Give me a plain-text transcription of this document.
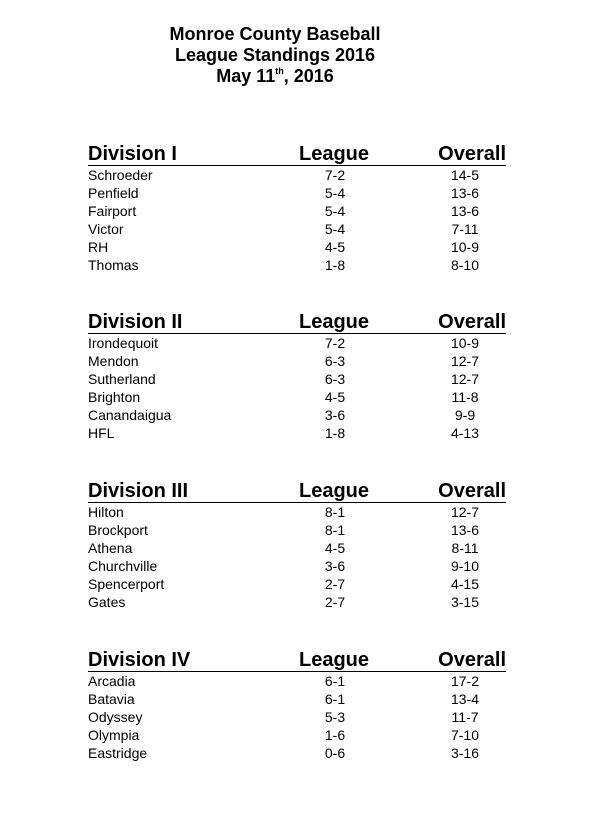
Monroe County Baseball
League Standings 2016
May 11th, 2016
Division I	League	Overall
Schroeder	7-2	14-5
Penfield	5-4	13-6
Fairport	5-4	13-6
Victor	5-4	7-11
RH	4-5	10-9
Thomas	1-8	8-10
Division II	League	Overall
Irondequoit	7-2	10-9
Mendon	6-3	12-7
Sutherland	6-3	12-7
Brighton	4-5	11-8
Canandaigua	3-6	9-9
HFL	1-8	4-13
Division III	League	Overall
Hilton	8-1	12-7
Brockport	8-1	13-6
Athena	4-5	8-11
Churchville	3-6	9-10
Spencerport	2-7	4-15
Gates	2-7	3-15
Division IV	League	Overall
Arcadia	6-1	17-2
Batavia	6-1	13-4
Odyssey	5-3	11-7
Olympia	1-6	7-10
Eastridge	0-6	3-16
